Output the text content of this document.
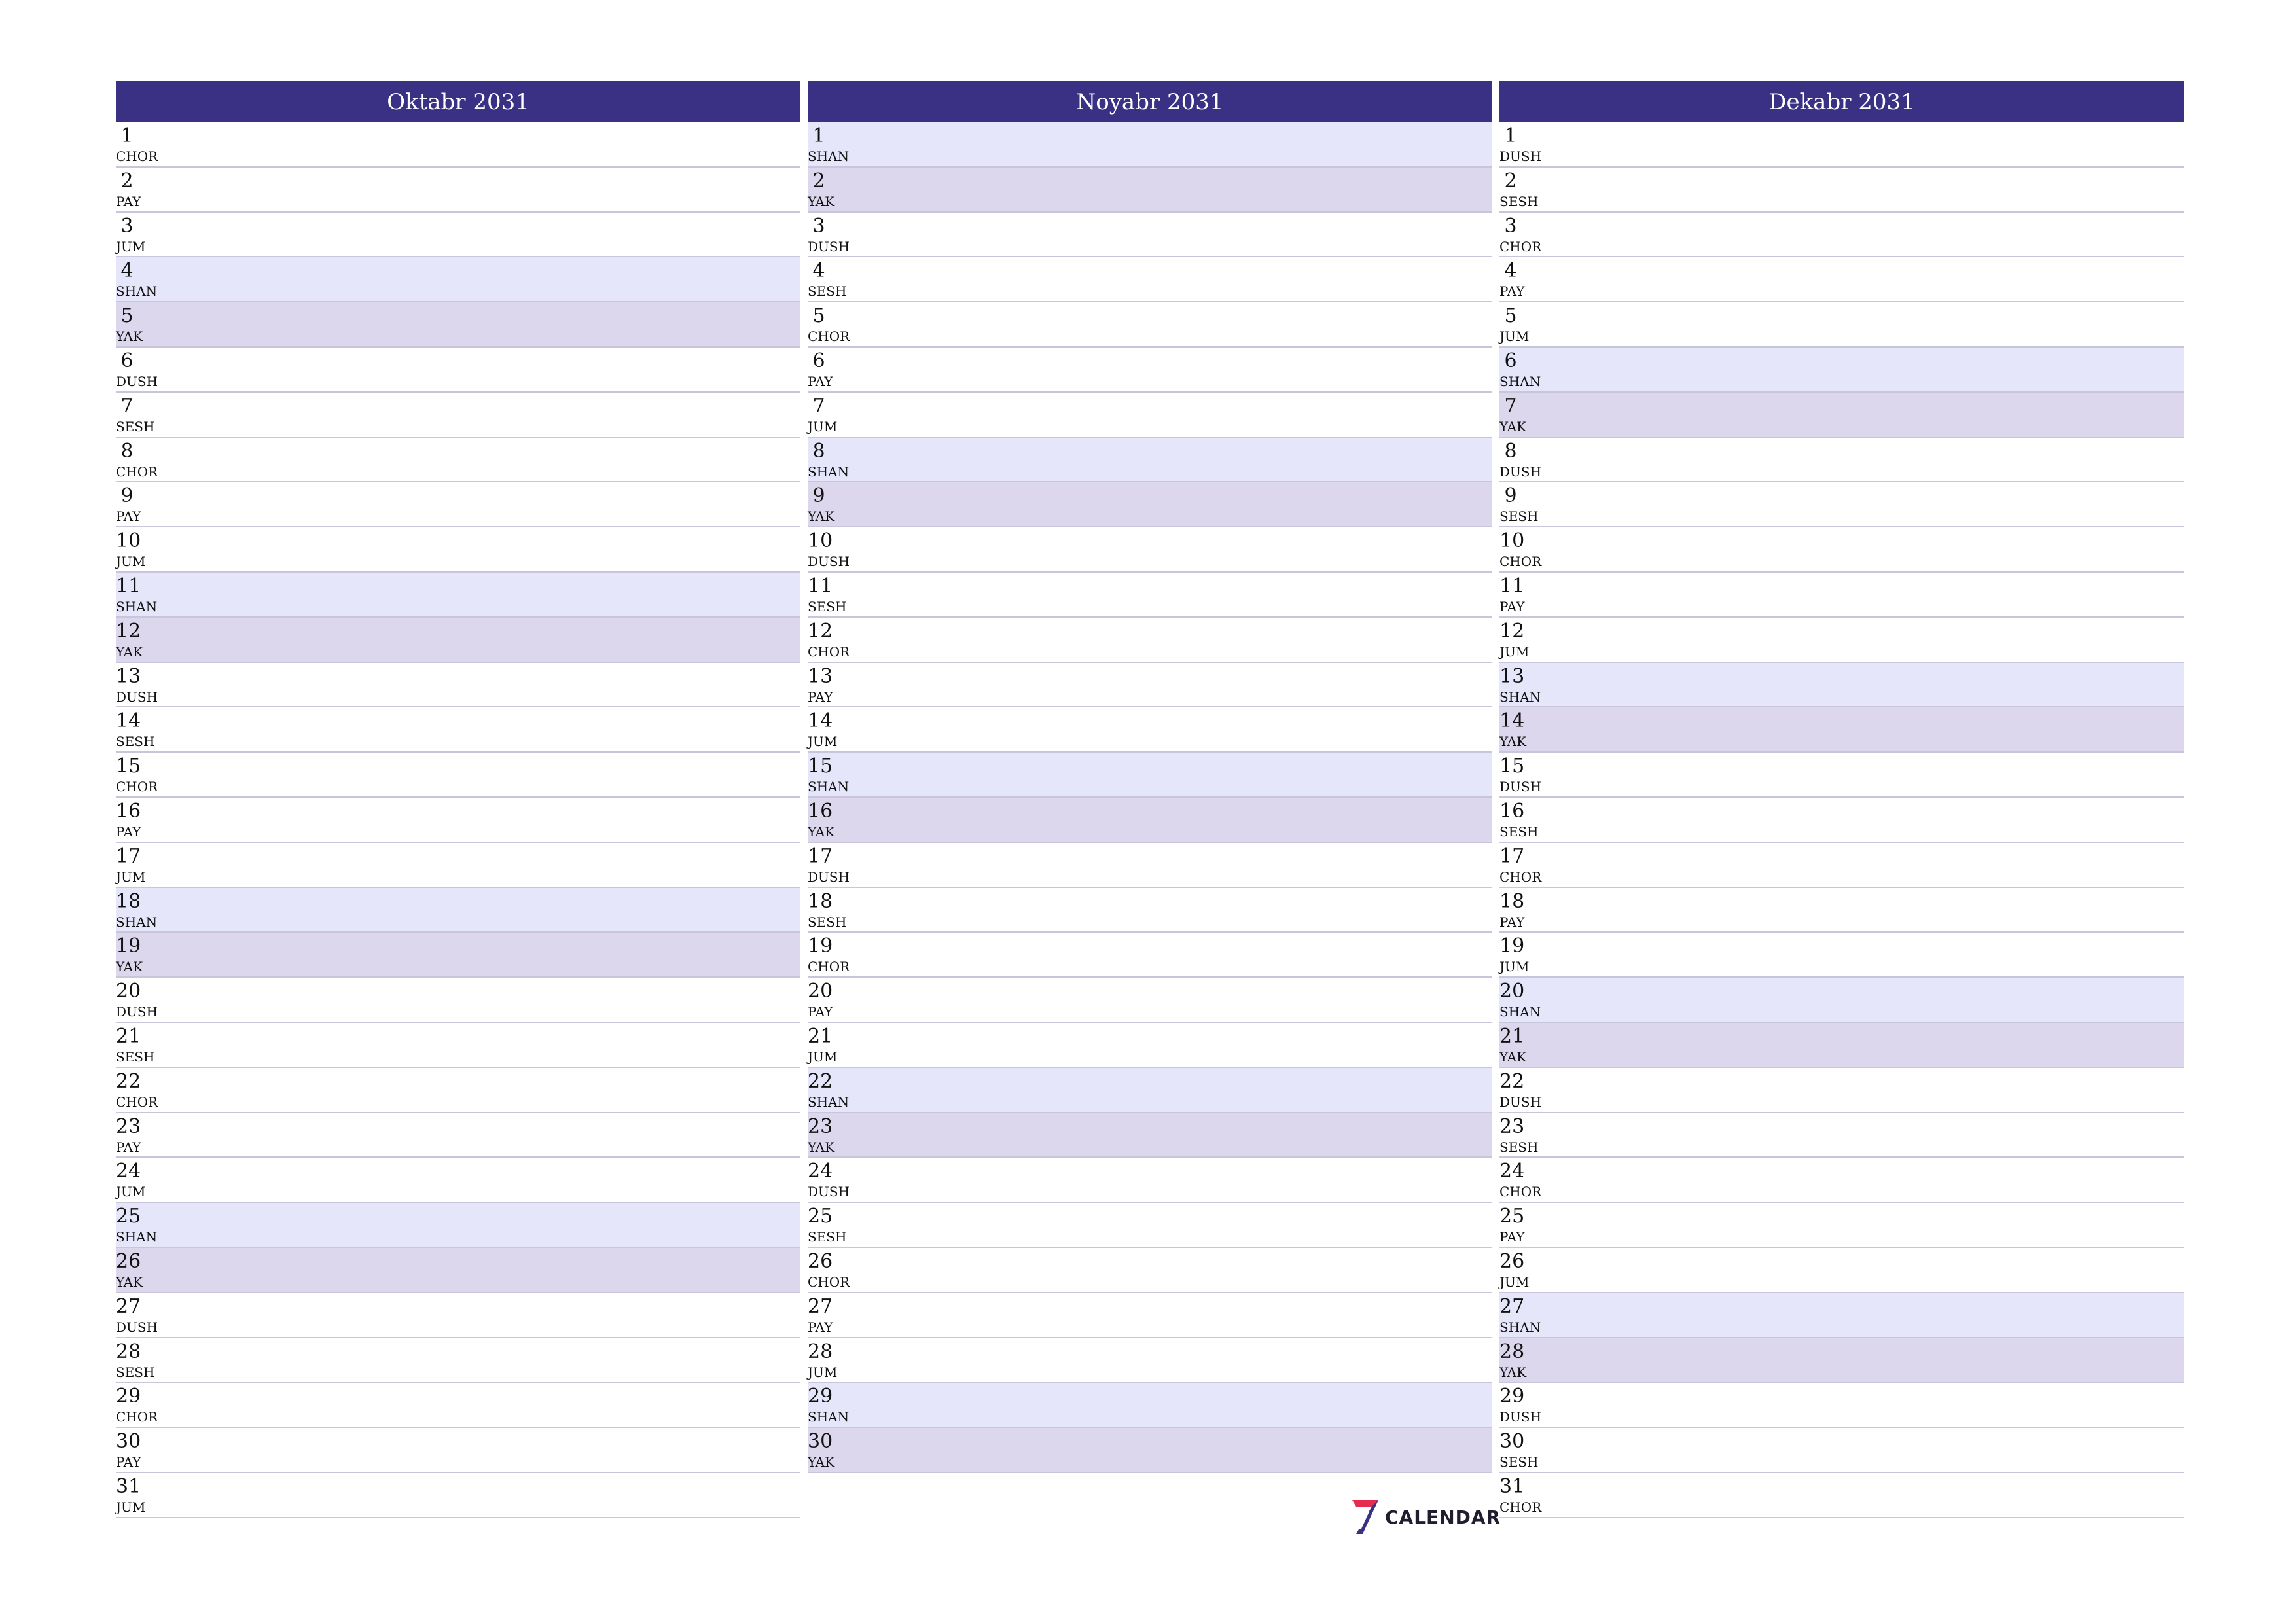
Oktabr 2031
1
CHOR
2
PAY
3
JUM
4
SHAN
5
YAK
6
DUSH
7
SESH
8
CHOR
9
PAY
10
JUM
11
SHAN
12
YAK
13
DUSH
14
SESH
15
CHOR
16
PAY
17
JUM
18
SHAN
19
YAK
20
DUSH
21
SESH
22
CHOR
23
PAY
24
JUM
25
SHAN
26
YAK
27
DUSH
28
SESH
29
CHOR
30
PAY
31
JUM
Noyabr 2031
1
SHAN
2
YAK
3
DUSH
4
SESH
5
CHOR
6
PAY
7
JUM
8
SHAN
9
YAK
10
DUSH
11
SESH
12
CHOR
13
PAY
14
JUM
15
SHAN
16
YAK
17
DUSH
18
SESH
19
CHOR
20
PAY
21
JUM
22
SHAN
23
YAK
24
DUSH
25
SESH
26
CHOR
27
PAY
28
JUM
29
SHAN
30
YAK
Dekabr 2031
1
DUSH
2
SESH
3
CHOR
4
PAY
5
JUM
6
SHAN
7
YAK
8
DUSH
9
SESH
10
CHOR
11
PAY
12
JUM
13
SHAN
14
YAK
15
DUSH
16
SESH
17
CHOR
18
PAY
19
JUM
20
SHAN
21
YAK
22
DUSH
23
SESH
24
CHOR
25
PAY
26
JUM
27
SHAN
28
YAK
29
DUSH
30
SESH
31
CHOR
CALENDAR
